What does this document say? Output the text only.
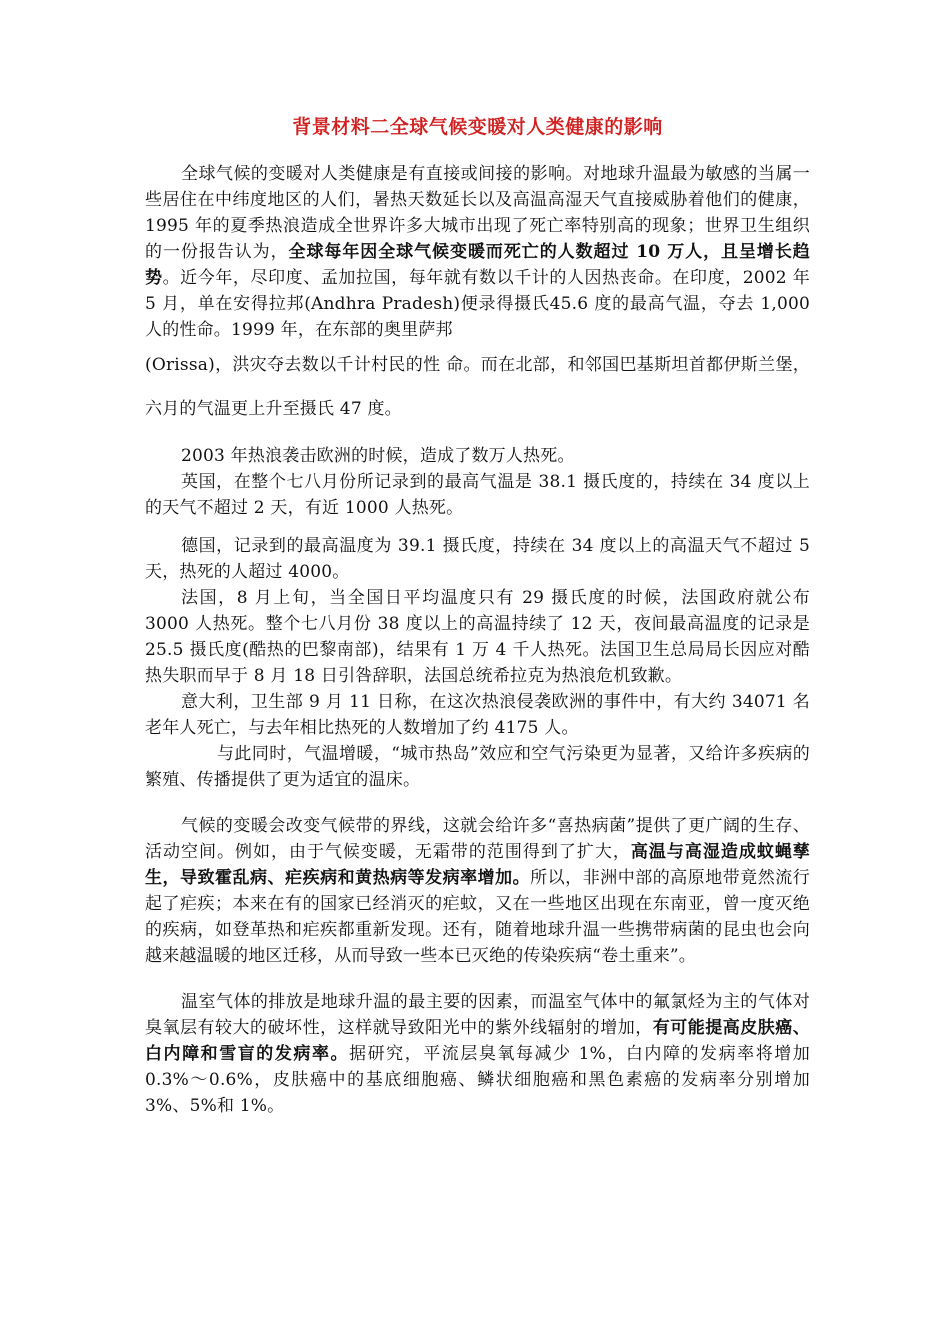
背景材料二全球气候变暖对人类健康的影响

全球气候的变暖对人类健康是有直接或间接的影响。对地球升温最为敏感的当属一些居住在中纬度地区的人们，暑热天数延长以及高温高湿天气直接威胁着他们的健康，1995 年的夏季热浪造成全世界许多大城市出现了死亡率特别高的现象；世界卫生组织的一份报告认为，全球每年因全球气候变暖而死亡的人数超过 10 万人，且呈增长趋势。近今年，尽印度、孟加拉国，每年就有数以千计的人因热丧命。在印度，2002 年 5 月，单在安得拉邦(Andhra Pradesh)便录得摄氏45.6 度的最高气温，夺去 1,000 人的性命。1999 年，在东部的奥里萨邦

(Orissa)，洪灾夺去数以千计村民的性 命。而在北部，和邻国巴基斯坦首都伊斯兰堡，六月的气温更上升至摄氏 47 度。

2003 年热浪袭击欧洲的时候，造成了数万人热死。

英国，在整个七八月份所记录到的最高气温是 38.1 摄氏度的，持续在 34 度以上的天气不超过 2 天，有近 1000 人热死。

德国，记录到的最高温度为 39.1 摄氏度，持续在 34 度以上的高温天气不超过 5 天，热死的人超过 4000。

法国，8 月上旬，当全国日平均温度只有 29 摄氏度的时候，法国政府就公布 3000 人热死。整个七八月份 38 度以上的高温持续了 12 天，夜间最高温度的记录是 25.5 摄氏度(酷热的巴黎南部)，结果有 1 万 4 千人热死。法国卫生总局局长因应对酷热失职而早于 8 月 18 日引咎辞职，法国总统希拉克为热浪危机致歉。

意大利，卫生部 9 月 11 日称，在这次热浪侵袭欧洲的事件中，有大约 34071 名老年人死亡，与去年相比热死的人数增加了约 4175 人。

与此同时，气温增暖，“城市热岛”效应和空气污染更为显著，又给许多疾病的繁殖、传播提供了更为适宜的温床。

气候的变暖会改变气候带的界线，这就会给许多“喜热病菌”提供了更广阔的生存、活动空间。例如，由于气候变暖，无霜带的范围得到了扩大，高温与高湿造成蚊蝇孳生，导致霍乱病、疟疾病和黄热病等发病率增加。所以，非洲中部的高原地带竟然流行起了疟疾；本来在有的国家已经消灭的疟蚊，又在一些地区出现在东南亚，曾一度灭绝的疾病，如登革热和疟疾都重新发现。还有，随着地球升温一些携带病菌的昆虫也会向越来越温暖的地区迁移，从而导致一些本已灭绝的传染疾病“卷土重来”。

温室气体的排放是地球升温的最主要的因素，而温室气体中的氟氯烃为主的气体对臭氧层有较大的破坏性，这样就导致阳光中的紫外线辐射的增加，有可能提高皮肤癌、白内障和雪盲的发病率。据研究，平流层臭氧每减少 1%，白内障的发病率将增加 0.3%～0.6%，皮肤癌中的基底细胞癌、鳞状细胞癌和黑色素癌的发病率分别增加 3%、5%和 1%。
